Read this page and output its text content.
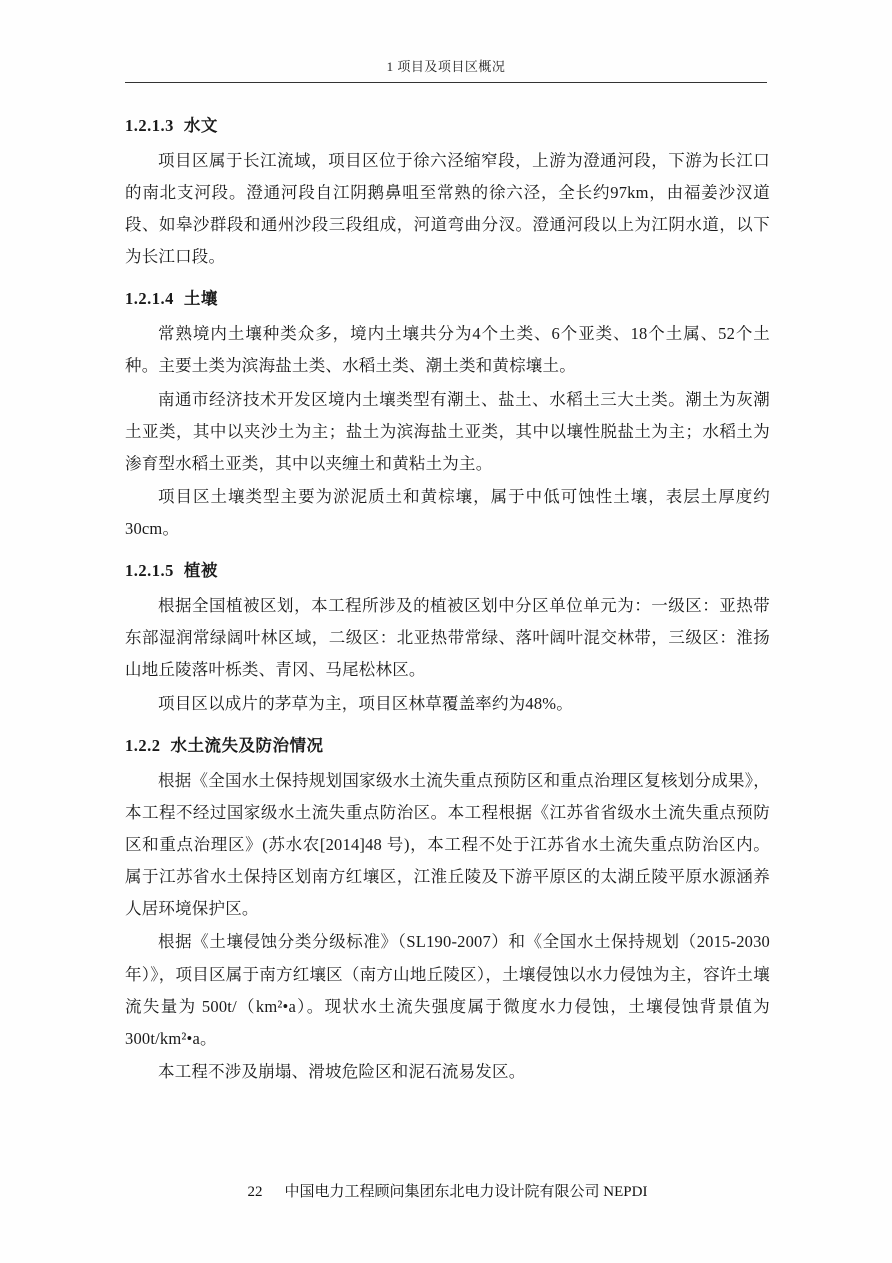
1 项目及项目区概况
1.2.1.3 水文

项目区属于长江流域，项目区位于徐六泾缩窄段，上游为澄通河段，下游为长江口的南北支河段。澄通河段自江阴鹅鼻咀至常熟的徐六泾，全长约97km，由福姜沙汊道段、如皋沙群段和通州沙段三段组成，河道弯曲分汊。澄通河段以上为江阴水道，以下为长江口段。

1.2.1.4 土壤

常熟境内土壤种类众多，境内土壤共分为4个土类、6个亚类、18个土属、52个土种。主要土类为滨海盐土类、水稻土类、潮土类和黄棕壤土。

南通市经济技术开发区境内土壤类型有潮土、盐土、水稻土三大土类。潮土为灰潮土亚类，其中以夹沙土为主；盐土为滨海盐土亚类，其中以壤性脱盐土为主；水稻土为渗育型水稻土亚类，其中以夹缠土和黄粘土为主。

项目区土壤类型主要为淤泥质土和黄棕壤，属于中低可蚀性土壤，表层土厚度约30cm。

1.2.1.5 植被

根据全国植被区划，本工程所涉及的植被区划中分区单位单元为：一级区：亚热带东部湿润常绿阔叶林区域，二级区：北亚热带常绿、落叶阔叶混交林带，三级区：淮扬山地丘陵落叶栎类、青冈、马尾松林区。

项目区以成片的茅草为主，项目区林草覆盖率约为48%。

1.2.2 水土流失及防治情况

根据《全国水土保持规划国家级水土流失重点预防区和重点治理区复核划分成果》，本工程不经过国家级水土流失重点防治区。本工程根据《江苏省省级水土流失重点预防区和重点治理区》(苏水农[2014]48 号)，本工程不处于江苏省水土流失重点防治区内。属于江苏省水土保持区划南方红壤区，江淮丘陵及下游平原区的太湖丘陵平原水源涵养人居环境保护区。

根据《土壤侵蚀分类分级标准》（SL190-2007）和《全国水土保持规划（2015-2030 年）》，项目区属于南方红壤区（南方山地丘陵区），土壤侵蚀以水力侵蚀为主，容许土壤流失量为 500t/（km²•a）。现状水土流失强度属于微度水力侵蚀，土壤侵蚀背景值为300t/km²•a。

本工程不涉及崩塌、滑坡危险区和泥石流易发区。

22 中国电力工程顾问集团东北电力设计院有限公司 NEPDI
